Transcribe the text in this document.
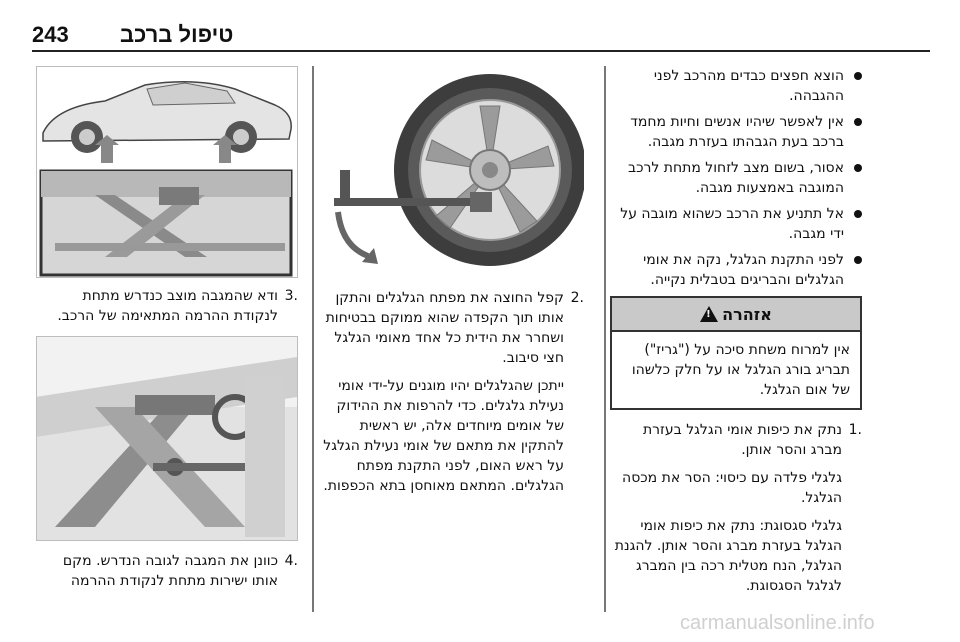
243 טיפול ברכב
הוצא חפצים כבדים מהרכב לפני ההגבהה.
אין לאפשר שיהיו אנשים וחיות מחמד ברכב בעת הגבהתו בעזרת מגבה.
אסור, בשום מצב לזחול מתחת לרכב המוגבה באמצעות מגבה.
אל תתניע את הרכב כשהוא מוגבה על ידי מגבה.
לפני התקנת הגלגל, נקה את אומי הגלגלים והבריגים בטבלית נקייה.
אזהרה
!

אין למרוח משחת סיכה על ("גריז") תבריג בורג הגלגל או על חלק כלשהו של אום הגלגל.

1.

נתק את כיפות אומי הגלגל בעזרת מברג והסר אותן.

גלגלי פלדה עם כיסוי: הסר את מכסה הגלגל.

גלגלי סגסוגת: נתק את כיפות אומי הגלגל בעזרת מברג והסר אותן. להגנת הגלגל, הנח מטלית רכה בין המברג לגלגל הסגסוגת.

2.

קפל החוצה את מפתח הגלגלים והתקן אותו תוך הקפדה שהוא ממוקם בבטיחות ושחרר את הידית כל אחד מאומי הגלגל חצי סיבוב.

ייתכן שהגלגלים יהיו מוגנים על-ידי אומי נעילת גלגלים. כדי להרפות את ההידוק של אומים מיוחדים אלה, יש ראשית להתקין את מתאם של אומי נעילת הגלגל על ראש האום, לפני התקנת מפתח הגלגלים. המתאם מאוחסן בתא הכפפות.

3.

ודא שהמגבה מוצב כנדרש מתחת לנקודת ההרמה המתאימה של הרכב.

4.

כוונן את המגבה לגובה הנדרש. מקם אותו ישירות מתחת לנקודת ההרמה

carmanualsonline.info
